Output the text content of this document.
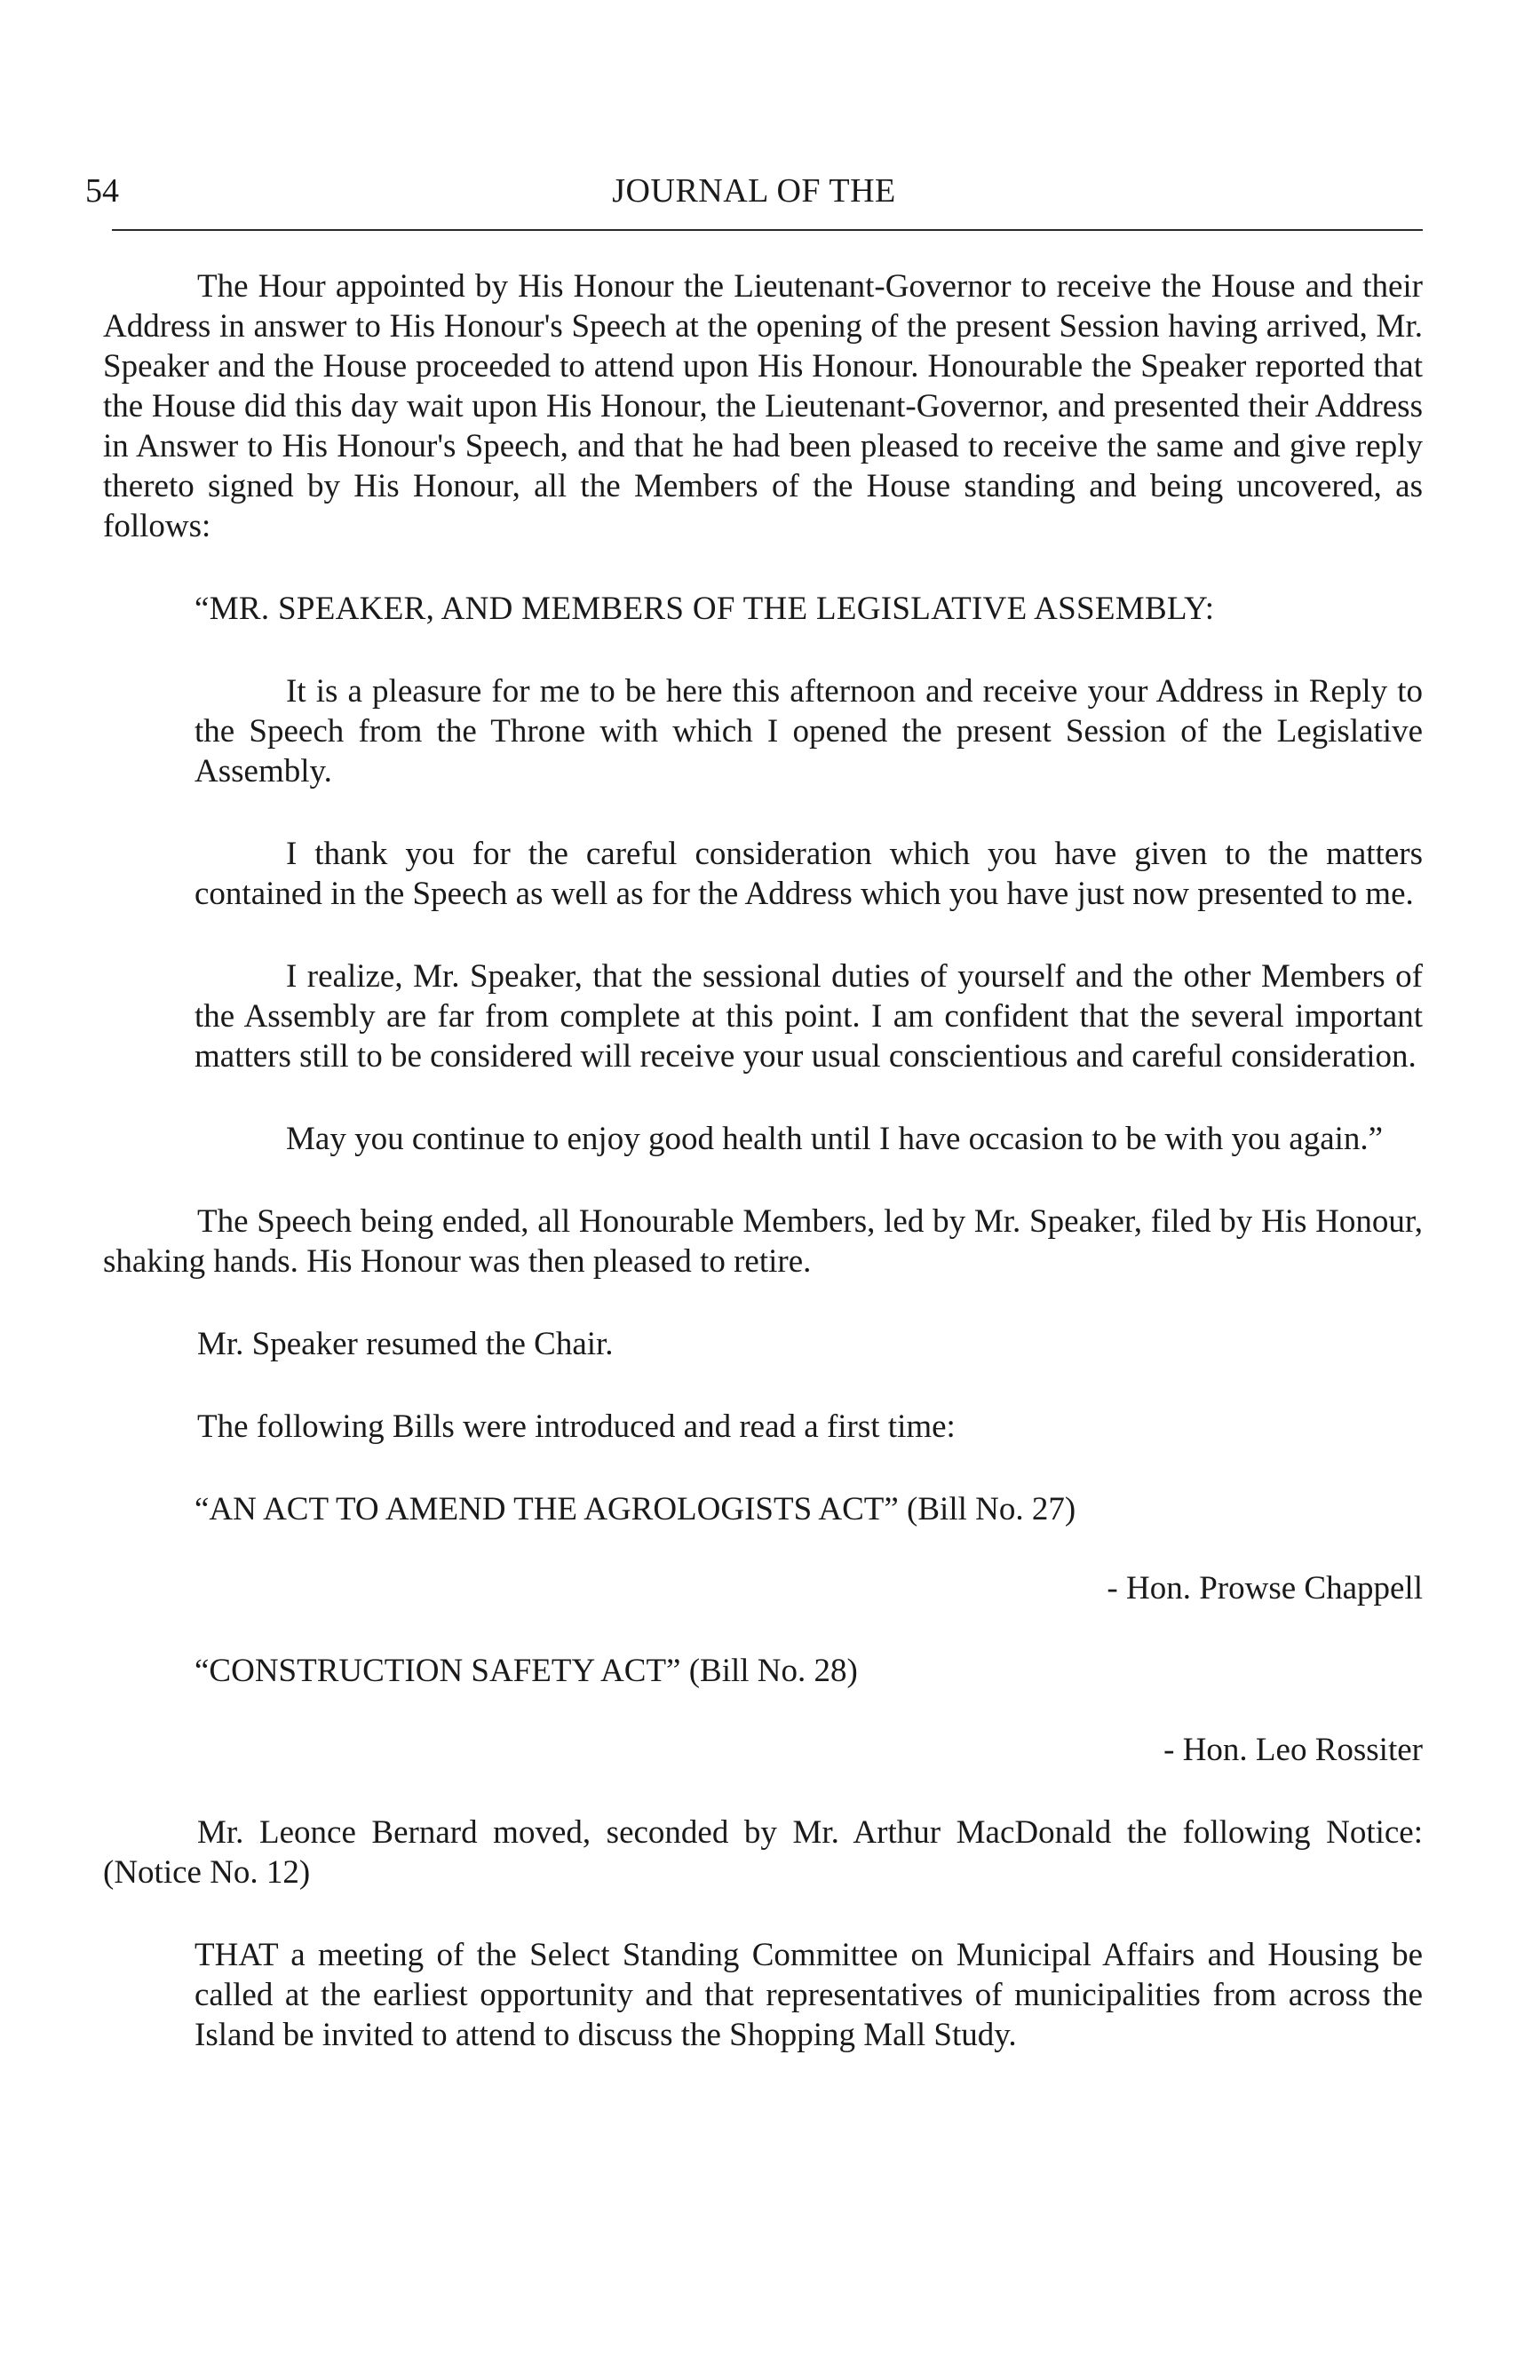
54	JOURNAL OF THE

The Hour appointed by His Honour the Lieutenant-Governor to receive the House and their Address in answer to His Honour's Speech at the opening of the present Session having arrived, Mr. Speaker and the House proceeded to attend upon His Honour. Honourable the Speaker reported that the House did this day wait upon His Honour, the Lieutenant-Governor, and presented their Address in Answer to His Honour's Speech, and that he had been pleased to receive the same and give reply thereto signed by His Honour, all the Members of the House standing and being uncovered, as follows:

“MR. SPEAKER, AND MEMBERS OF THE LEGISLATIVE ASSEMBLY:

It is a pleasure for me to be here this afternoon and receive your Address in Reply to the Speech from the Throne with which I opened the present Session of the Legislative Assembly.

I thank you for the careful consideration which you have given to the matters contained in the Speech as well as for the Address which you have just now presented to me.

I realize, Mr. Speaker, that the sessional duties of yourself and the other Members of the Assembly are far from complete at this point. I am confident that the several important matters still to be considered will receive your usual conscientious and careful consideration.

May you continue to enjoy good health until I have occasion to be with you again.”

The Speech being ended, all Honourable Members, led by Mr. Speaker, filed by His Honour, shaking hands. His Honour was then pleased to retire.

Mr. Speaker resumed the Chair.

The following Bills were introduced and read a first time:

“AN ACT TO AMEND THE AGROLOGISTS ACT” (Bill No. 27)

- Hon. Prowse Chappell

“CONSTRUCTION SAFETY ACT” (Bill No. 28)

- Hon. Leo Rossiter

Mr. Leonce Bernard moved, seconded by Mr. Arthur MacDonald the following Notice: (Notice No. 12)

THAT a meeting of the Select Standing Committee on Municipal Affairs and Housing be called at the earliest opportunity and that representatives of municipalities from across the Island be invited to attend to discuss the Shopping Mall Study.
